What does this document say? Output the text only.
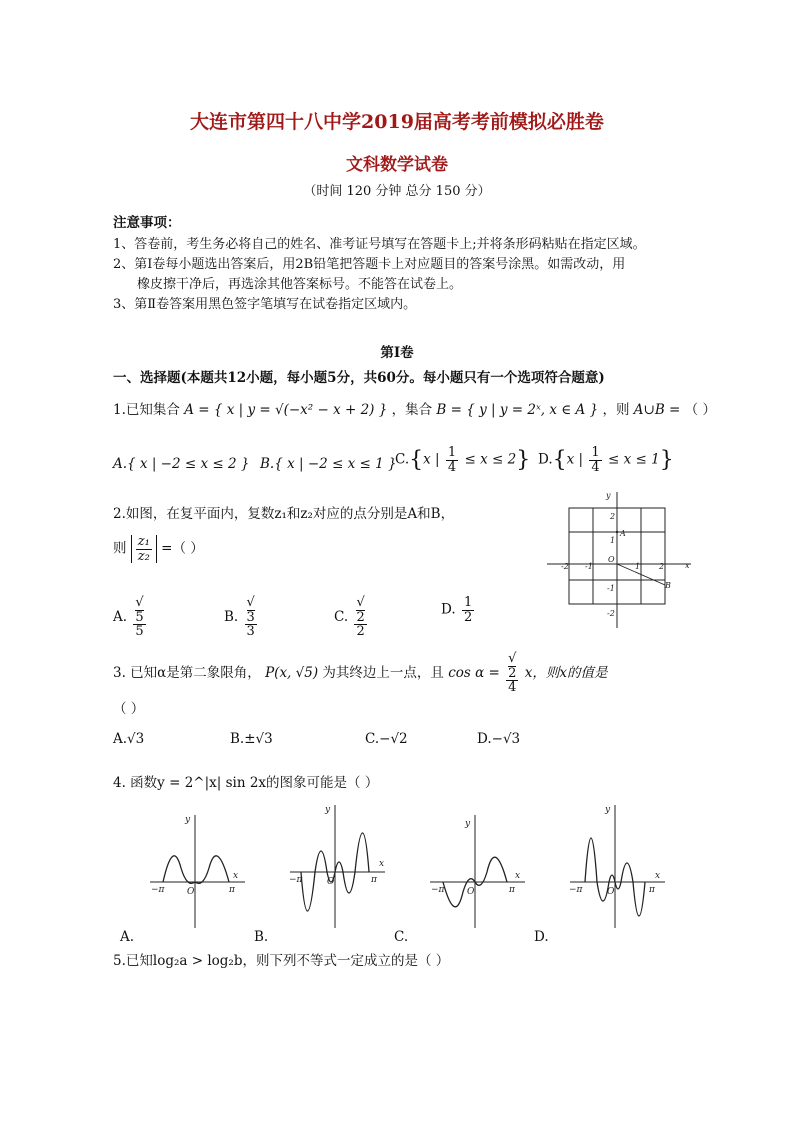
大连市第四十八中学2019届高考考前模拟必胜卷
文科数学试卷
（时间 120 分钟 总分 150 分）
注意事项：
1、答卷前，考生务必将自己的姓名、准考证号填写在答题卡上;并将条形码粘贴在指定区域。
2、第Ⅰ卷每小题选出答案后，用2B铅笔把答题卡上对应题目的答案号涂黑。如需改动，用
橡皮擦干净后，再选涂其他答案标号。不能答在试卷上。
3、第Ⅱ卷答案用黑色签字笔填写在试卷指定区域内。
第Ⅰ卷
一、选择题(本题共12小题，每小题5分，共60分。每小题只有一个选项符合题意)
1.已知集合 A = { x | y = √(−x² − x + 2) } ，集合 B = { y | y = 2ˣ, x ∈ A } ，则 A∪B = （ ）
A.{ x | −2 ≤ x ≤ 2 } B.{ x | −2 ≤ x ≤ 1 }
C.{x | $\frac{1}{4} \le x \le 2$} D.{x | $\frac{1}{4} \le x \le 1$}
2.如图，在复平面内，复数z₁和z₂对应的点分别是A和B，
则 $\frac{\text{z₁}}{\text{z₂}}$ =（ ）
A. √
5
5	B. √
3
3	C. √
2
2	D. $\frac{1}{2}$
y
x
O
A
B
-2 -1	1 2
2
1
-1
-2
3. 已知α是第二象限角， P(x, √5) 为其终边上一点，且 cos α = √
2
4 x，则x的值是
（ ）
A.√3	B.±√3	C.−√2	D.−√3
4. 函数y = 2^|x| sin 2x的图象可能是（ ）
y
x
O
−π	π
y
x
O
−π	π
y
x
O
−π	π
y
x
O
−π	π
A.	B.	C.	D.
5.已知log₂a > log₂b，则下列不等式一定成立的是（ ）
